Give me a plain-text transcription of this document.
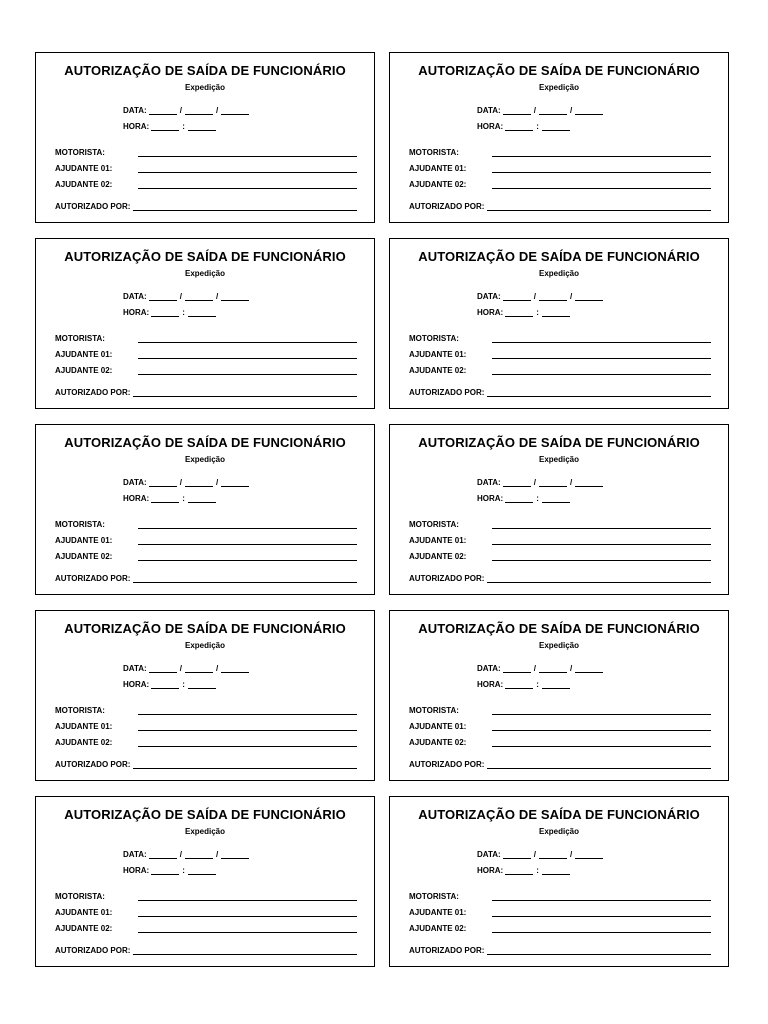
AUTORIZAÇÃO DE SAÍDA DE FUNCIONÁRIO
Expedição
DATA:	/	/
HORA:	:
MOTORISTA:
AJUDANTE 01:
AJUDANTE 02:
AUTORIZADO POR:
AUTORIZAÇÃO DE SAÍDA DE FUNCIONÁRIO
Expedição
DATA:	/	/
HORA:	:
MOTORISTA:
AJUDANTE 01:
AJUDANTE 02:
AUTORIZADO POR:
AUTORIZAÇÃO DE SAÍDA DE FUNCIONÁRIO
Expedição
DATA:	/	/
HORA:	:
MOTORISTA:
AJUDANTE 01:
AJUDANTE 02:
AUTORIZADO POR:
AUTORIZAÇÃO DE SAÍDA DE FUNCIONÁRIO
Expedição
DATA:	/	/
HORA:	:
MOTORISTA:
AJUDANTE 01:
AJUDANTE 02:
AUTORIZADO POR:
AUTORIZAÇÃO DE SAÍDA DE FUNCIONÁRIO
Expedição
DATA:	/	/
HORA:	:
MOTORISTA:
AJUDANTE 01:
AJUDANTE 02:
AUTORIZADO POR:
AUTORIZAÇÃO DE SAÍDA DE FUNCIONÁRIO
Expedição
DATA:	/	/
HORA:	:
MOTORISTA:
AJUDANTE 01:
AJUDANTE 02:
AUTORIZADO POR:
AUTORIZAÇÃO DE SAÍDA DE FUNCIONÁRIO
Expedição
DATA:	/	/
HORA:	:
MOTORISTA:
AJUDANTE 01:
AJUDANTE 02:
AUTORIZADO POR:
AUTORIZAÇÃO DE SAÍDA DE FUNCIONÁRIO
Expedição
DATA:	/	/
HORA:	:
MOTORISTA:
AJUDANTE 01:
AJUDANTE 02:
AUTORIZADO POR:
AUTORIZAÇÃO DE SAÍDA DE FUNCIONÁRIO
Expedição
DATA:	/	/
HORA:	:
MOTORISTA:
AJUDANTE 01:
AJUDANTE 02:
AUTORIZADO POR:
AUTORIZAÇÃO DE SAÍDA DE FUNCIONÁRIO
Expedição
DATA:	/	/
HORA:	:
MOTORISTA:
AJUDANTE 01:
AJUDANTE 02:
AUTORIZADO POR:
